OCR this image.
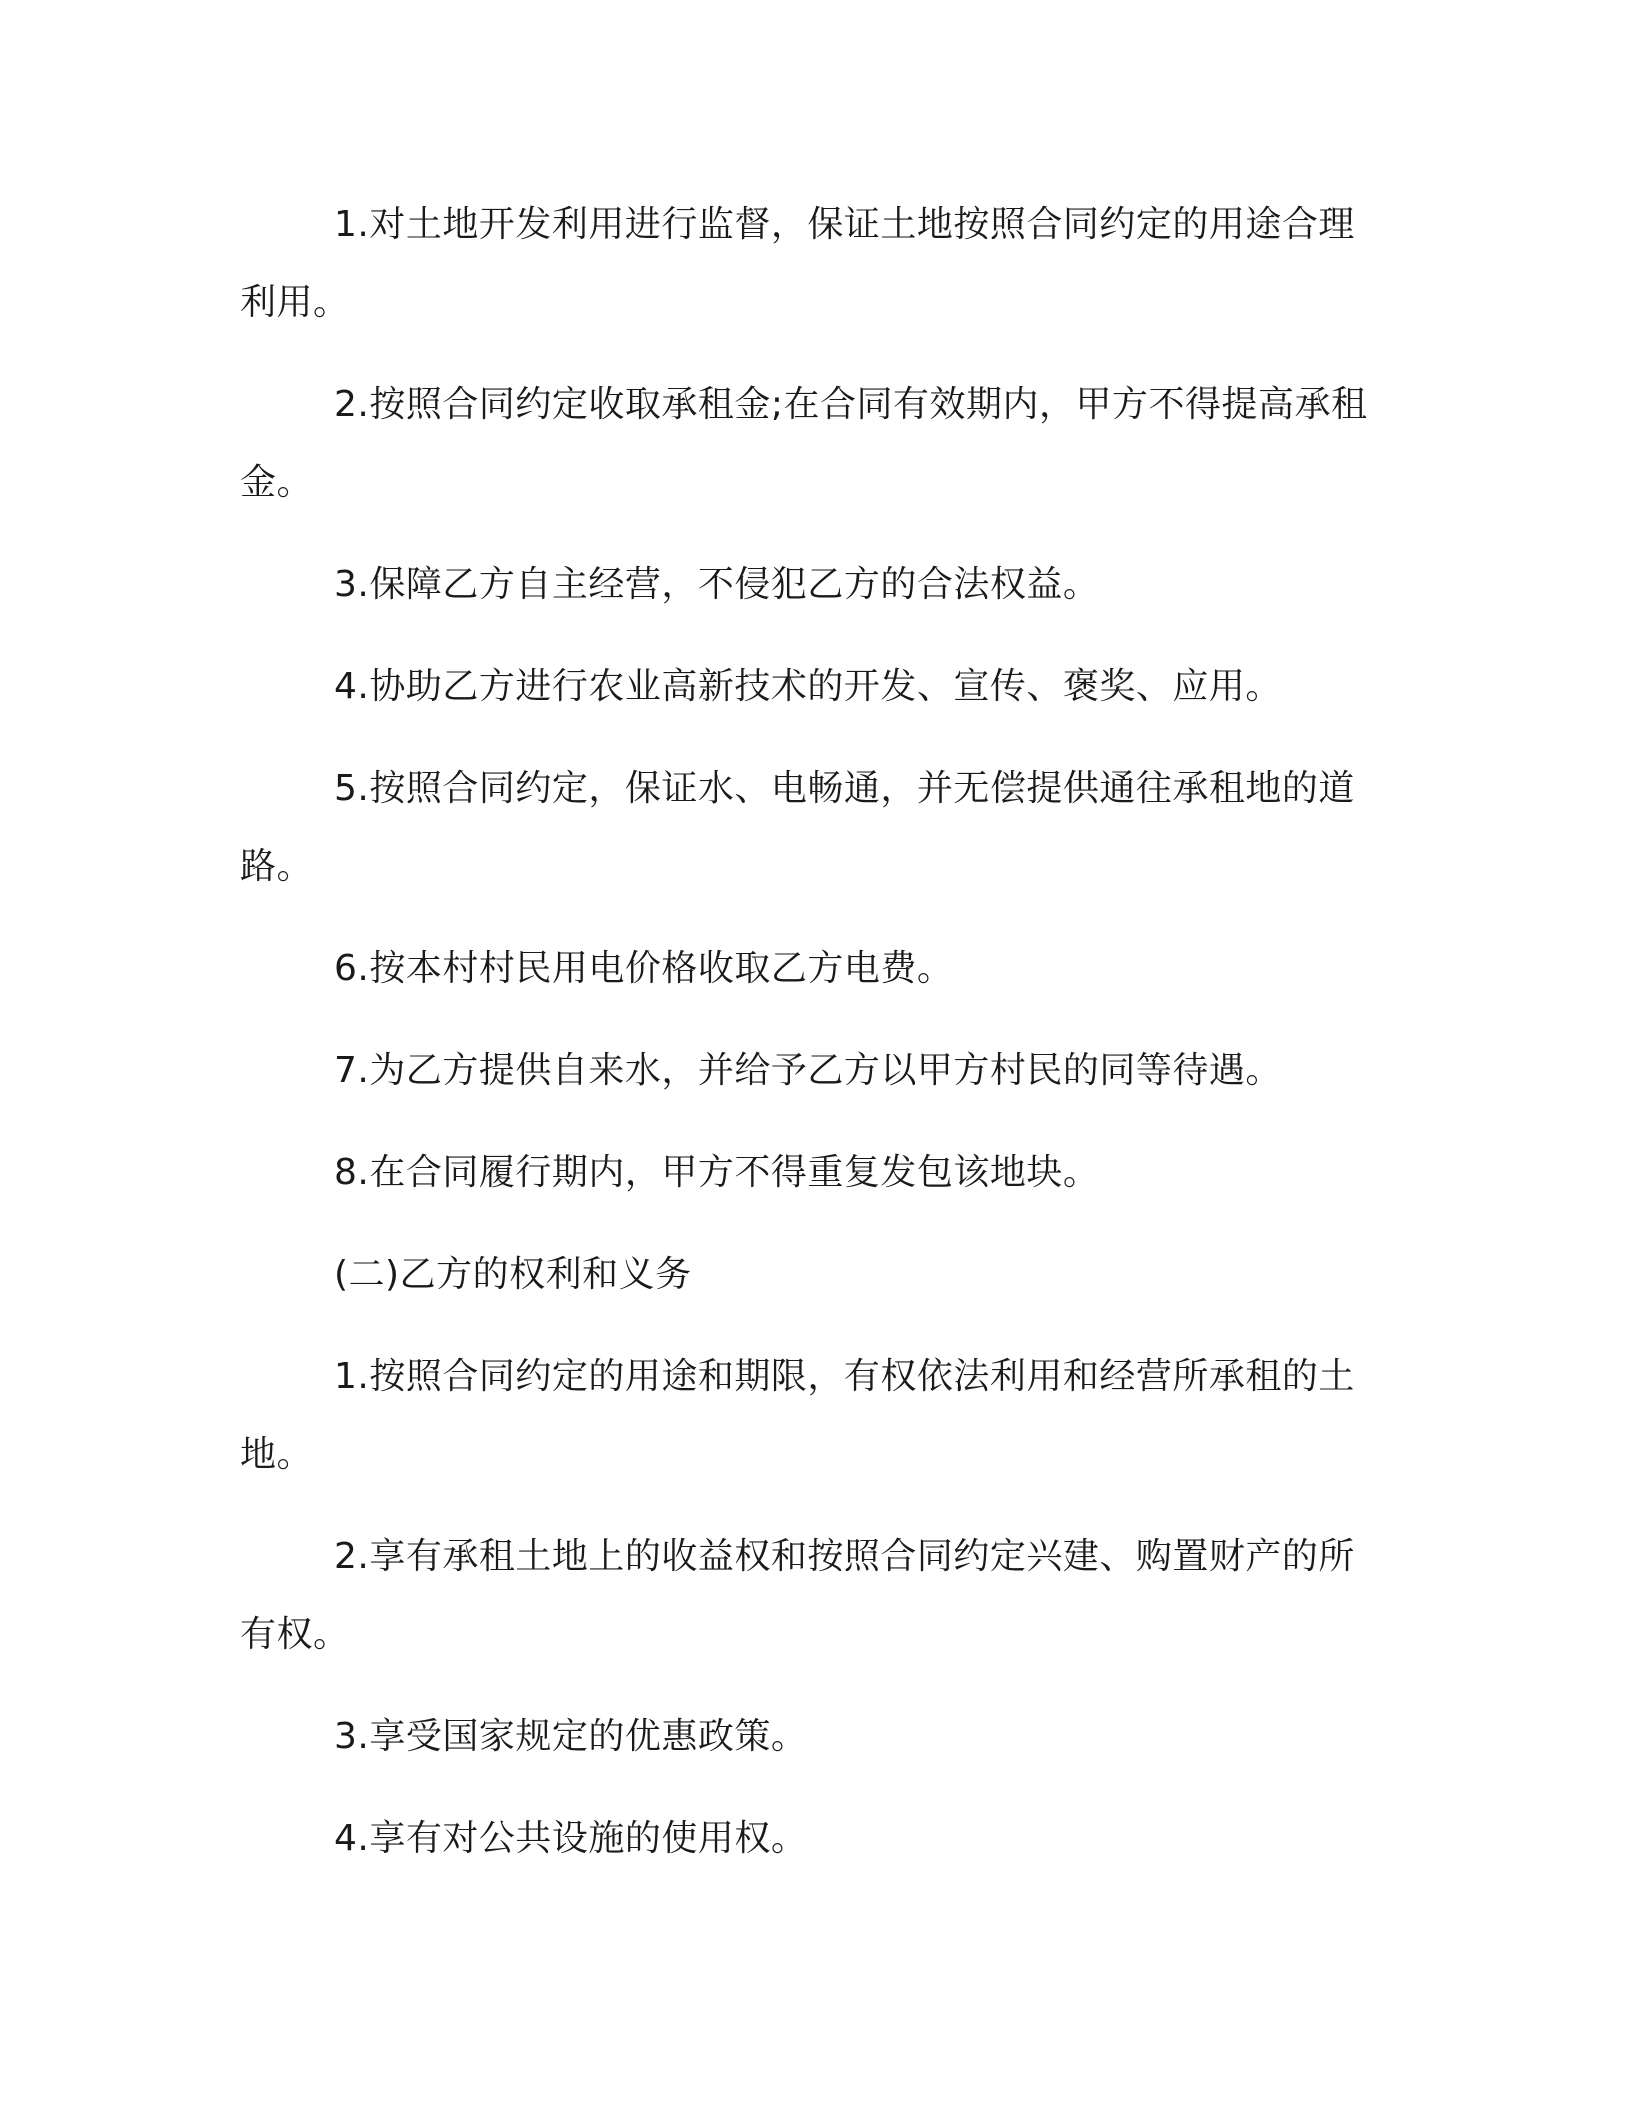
1.对土地开发利用进行监督，保证土地按照合同约定的用途合理利用。

2.按照合同约定收取承租金;在合同有效期内，甲方不得提高承租金。

3.保障乙方自主经营，不侵犯乙方的合法权益。

4.协助乙方进行农业高新技术的开发、宣传、褒奖、应用。

5.按照合同约定，保证水、电畅通，并无偿提供通往承租地的道路。

6.按本村村民用电价格收取乙方电费。

7.为乙方提供自来水，并给予乙方以甲方村民的同等待遇。

8.在合同履行期内，甲方不得重复发包该地块。

(二)乙方的权利和义务

1.按照合同约定的用途和期限，有权依法利用和经营所承租的土地。

2.享有承租土地上的收益权和按照合同约定兴建、购置财产的所有权。

3.享受国家规定的优惠政策。

4.享有对公共设施的使用权。
